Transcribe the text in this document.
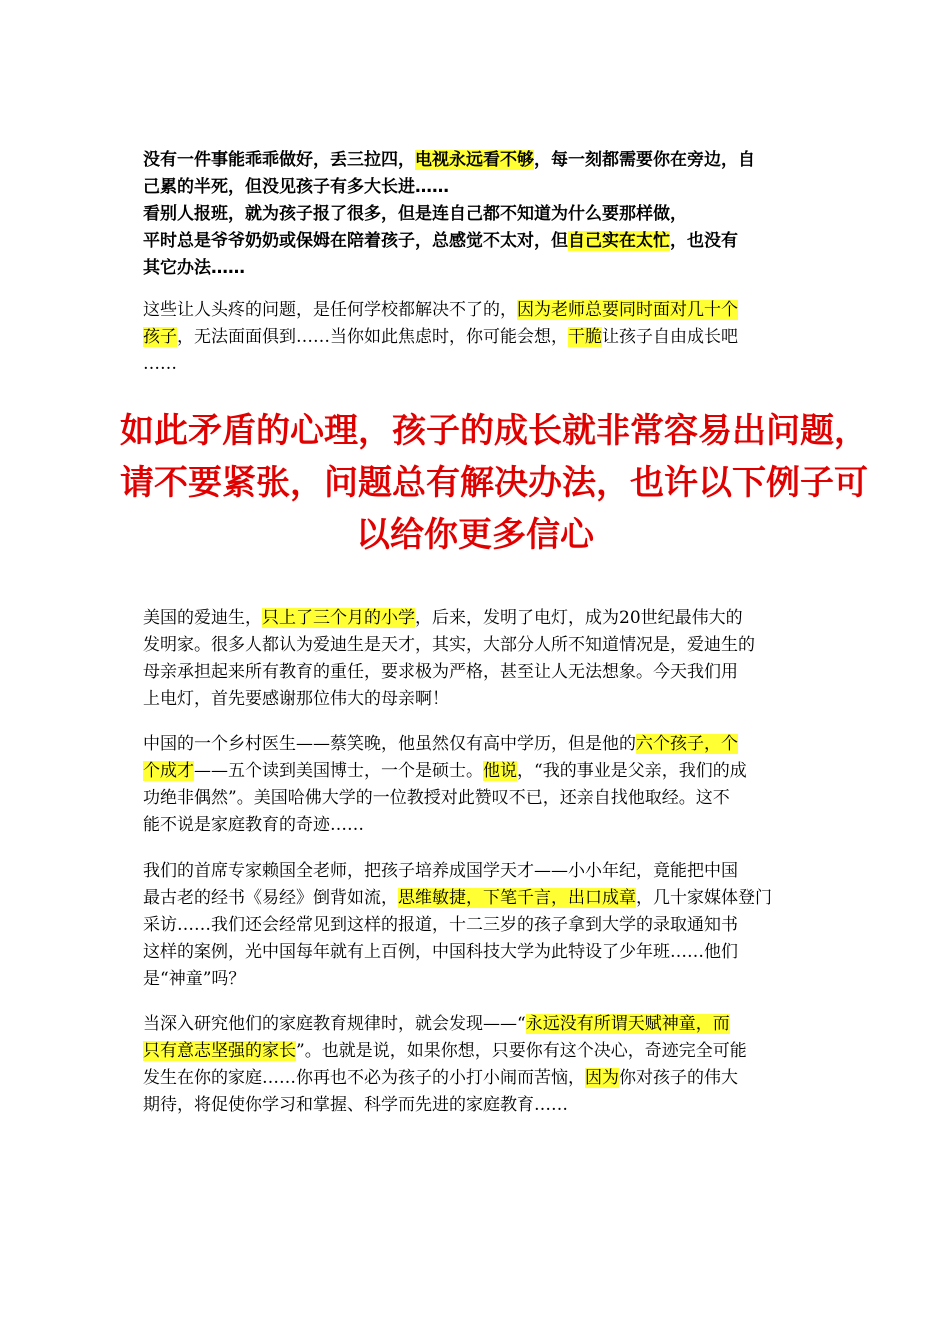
没有一件事能乖乖做好，丢三拉四，电视永远看不够，每一刻都需要你在旁边，自
己累的半死，但没见孩子有多大长进……
看别人报班，就为孩子报了很多，但是连自己都不知道为什么要那样做，
平时总是爷爷奶奶或保姆在陪着孩子，总感觉不太对，但自己实在太忙，也没有
其它办法……
这些让人头疼的问题，是任何学校都解决不了的，因为老师总要同时面对几十个
孩子，无法面面俱到……当你如此焦虑时，你可能会想，干脆让孩子自由成长吧
……
如此矛盾的心理，孩子的成长就非常容易出问题，
请不要紧张，问题总有解决办法，也许以下例子可
以给你更多信心
美国的爱迪生，只上了三个月的小学，后来，发明了电灯，成为20世纪最伟大的
发明家。很多人都认为爱迪生是天才，其实，大部分人所不知道情况是，爱迪生的
母亲承担起来所有教育的重任，要求极为严格，甚至让人无法想象。今天我们用
上电灯，首先要感谢那位伟大的母亲啊！
中国的一个乡村医生——蔡笑晚，他虽然仅有高中学历，但是他的六个孩子，个
个成才——五个读到美国博士，一个是硕士。他说，“我的事业是父亲，我们的成
功绝非偶然”。美国哈佛大学的一位教授对此赞叹不已，还亲自找他取经。这不
能不说是家庭教育的奇迹……
我们的首席专家赖国全老师，把孩子培养成国学天才——小小年纪，竟能把中国
最古老的经书《易经》倒背如流，思维敏捷，下笔千言，出口成章，几十家媒体登门
采访……我们还会经常见到这样的报道，十二三岁的孩子拿到大学的录取通知书
这样的案例，光中国每年就有上百例，中国科技大学为此特设了少年班……他们
是“神童”吗？
当深入研究他们的家庭教育规律时，就会发现——“永远没有所谓天赋神童，而
只有意志坚强的家长”。也就是说，如果你想，只要你有这个决心，奇迹完全可能
发生在你的家庭……你再也不必为孩子的小打小闹而苦恼，因为你对孩子的伟大
期待，将促使你学习和掌握、科学而先进的家庭教育……
